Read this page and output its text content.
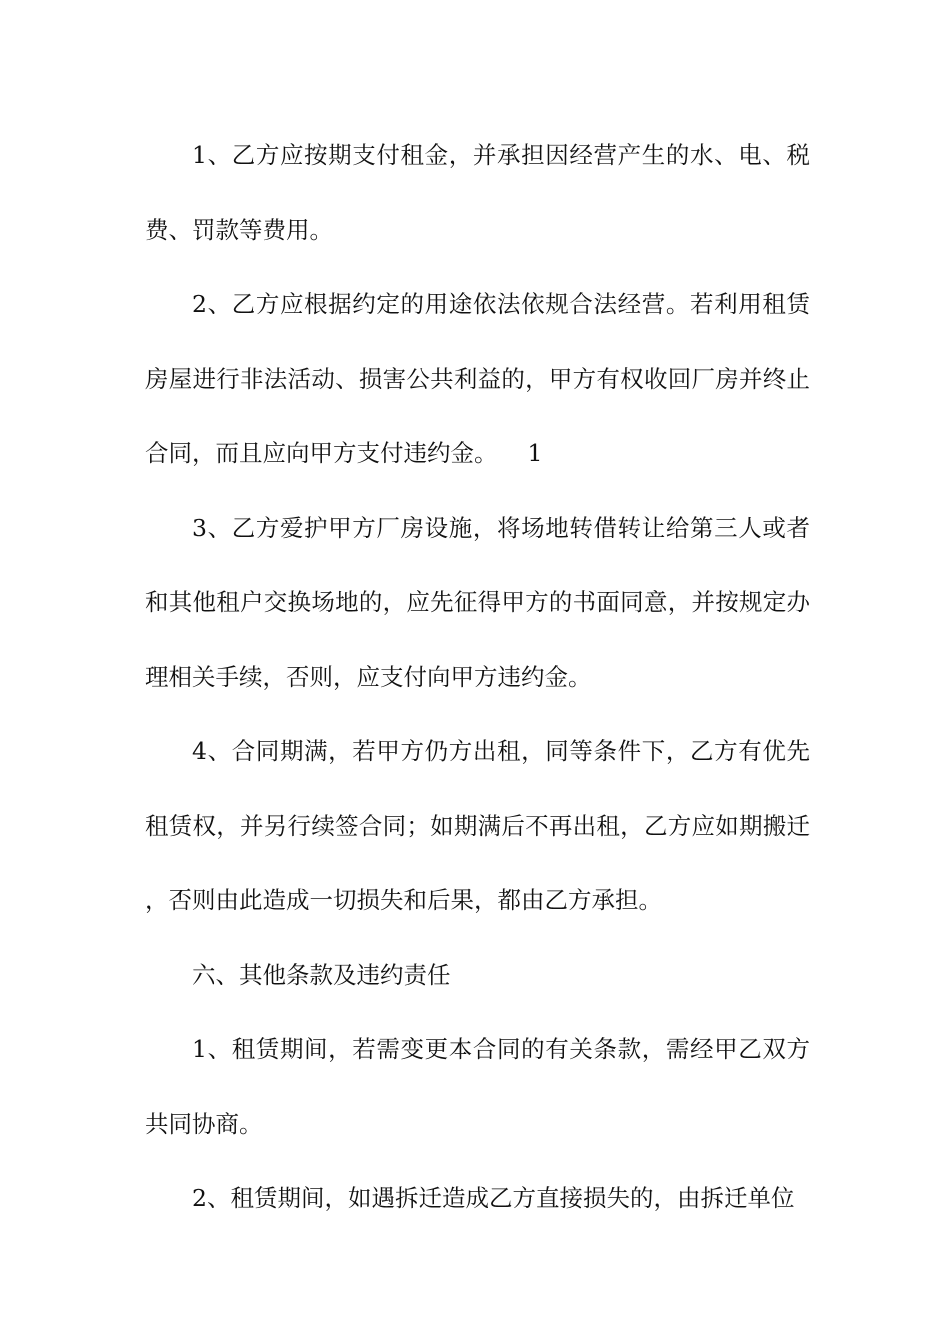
1、乙方应按期支付租金，并承担因经营产生的水、电、税费、罚款等费用。

2、乙方应根据约定的用途依法依规合法经营。若利用租赁房屋进行非法活动、损害公共利益的，甲方有权收回厂房并终止合同，而且应向甲方支付违约金。 1

3、乙方爱护甲方厂房设施，将场地转借转让给第三人或者和其他租户交换场地的，应先征得甲方的书面同意，并按规定办理相关手续，否则，应支付向甲方违约金。

4、合同期满，若甲方仍方出租，同等条件下，乙方有优先租赁权，并另行续签合同；如期满后不再出租，乙方应如期搬迁，否则由此造成一切损失和后果，都由乙方承担。

六、其他条款及违约责任

1、租赁期间，若需变更本合同的有关条款，需经甲乙双方共同协商。

2、租赁期间，如遇拆迁造成乙方直接损失的，由拆迁单位
